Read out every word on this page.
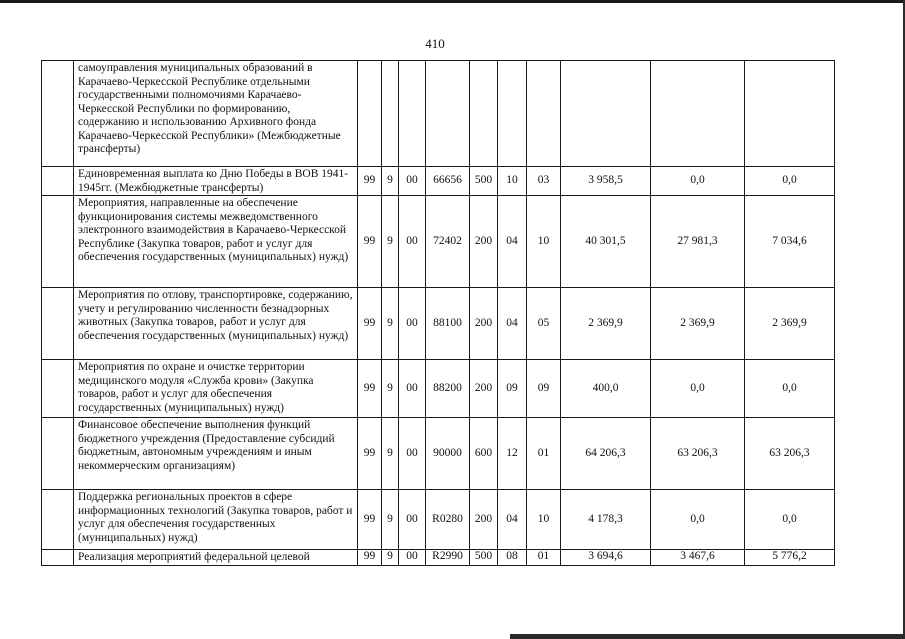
410
	самоуправления муниципальных образований в Карачаево-Черкесской Республике отдельными государственными полномочиями Карачаево-Черкесской Республики по формированию, содержанию и использованию Архивного фонда Карачаево-Черкесской Республики» (Межбюджетные трансферты)										
	Единовременная выплата ко Дню Победы в ВОВ 1941-1945гг. (Межбюджетные трансферты)	99	9	00	66656	500	10	03	3 958,5	0,0	0,0
	Мероприятия, направленные на обеспечение функционирования системы межведомственного электронного взаимодействия в Карачаево-Черкесской Республике (Закупка товаров, работ и услуг для обеспечения государственных (муниципальных) нужд)	99	9	00	72402	200	04	10	40 301,5	27 981,3	7 034,6
	Мероприятия по отлову, транспортировке, содержанию, учету и регулированию численности безнадзорных животных (Закупка товаров, работ и услуг для обеспечения государственных (муниципальных) нужд)	99	9	00	88100	200	04	05	2 369,9	2 369,9	2 369,9
	Мероприятия по охране и очистке территории медицинского модуля «Служба крови» (Закупка товаров, работ и услуг для обеспечения государственных (муниципальных) нужд)	99	9	00	88200	200	09	09	400,0	0,0	0,0
	Финансовое обеспечение выполнения функций бюджетного учреждения (Предоставление субсидий бюджетным, автономным учреждениям и иным некоммерческим организациям)	99	9	00	90000	600	12	01	64 206,3	63 206,3	63 206,3
	Поддержка региональных проектов в сфере информационных технологий (Закупка товаров, работ и услуг для обеспечения государственных (муниципальных) нужд)	99	9	00	R0280	200	04	10	4 178,3	0,0	0,0
	Реализация мероприятий федеральной целевой	99	9	00	R2990	500	08	01	3 694,6	3 467,6	5 776,2
